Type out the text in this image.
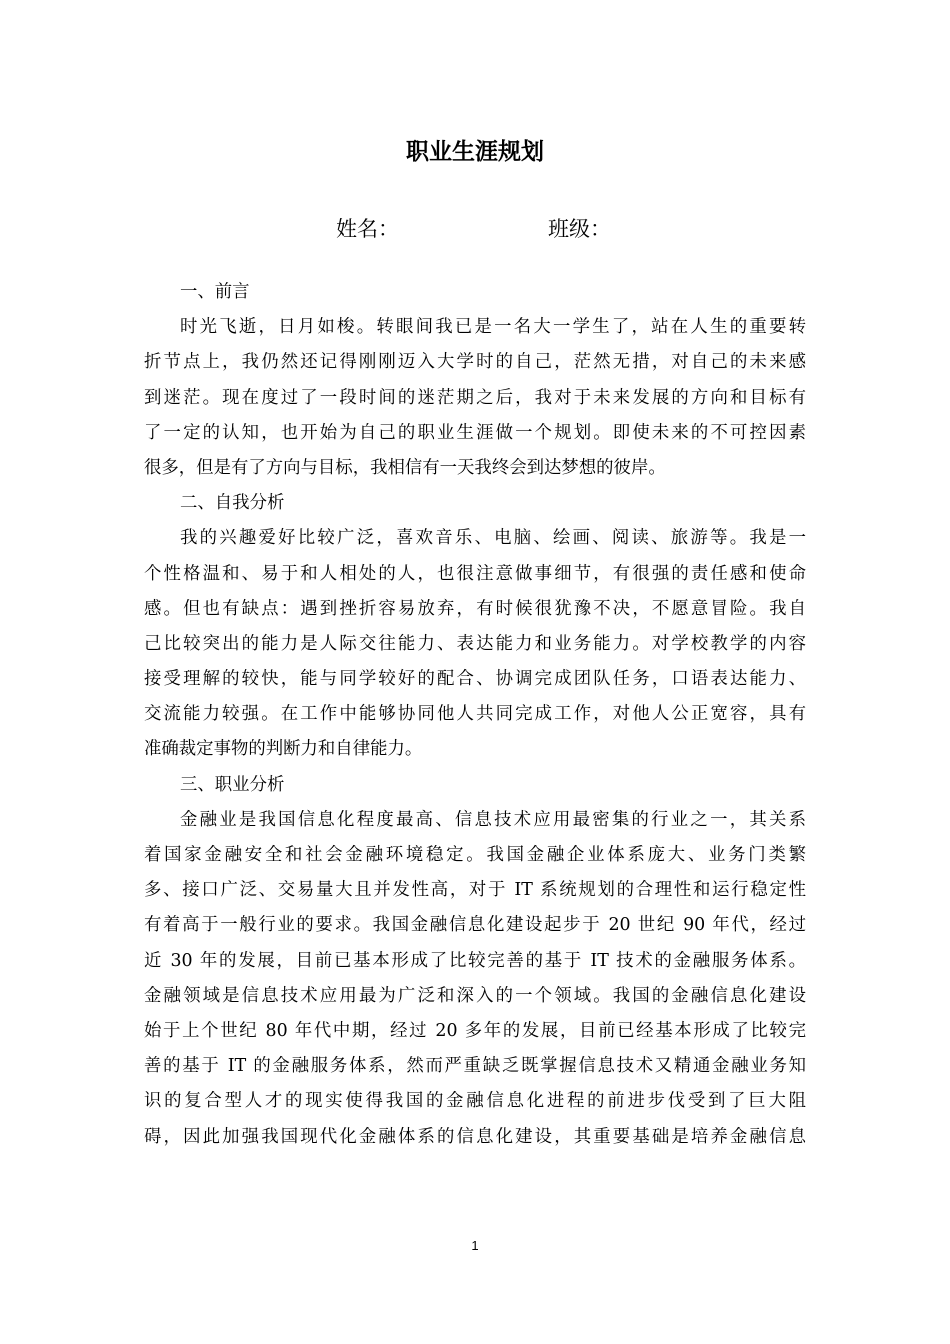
职业生涯规划
姓名：	班级：
一、前言
时光飞逝，日月如梭。转眼间我已是一名大一学生了，站在人生的重要转
折节点上，我仍然还记得刚刚迈入大学时的自己，茫然无措，对自己的未来感
到迷茫。现在度过了一段时间的迷茫期之后，我对于未来发展的方向和目标有
了一定的认知，也开始为自己的职业生涯做一个规划。即使未来的不可控因素
很多，但是有了方向与目标，我相信有一天我终会到达梦想的彼岸。
二、自我分析
我的兴趣爱好比较广泛，喜欢音乐、电脑、绘画、阅读、旅游等。我是一
个性格温和、易于和人相处的人，也很注意做事细节，有很强的责任感和使命
感。但也有缺点：遇到挫折容易放弃，有时候很犹豫不决，不愿意冒险。我自
己比较突出的能力是人际交往能力、表达能力和业务能力。对学校教学的内容
接受理解的较快，能与同学较好的配合、协调完成团队任务，口语表达能力、
交流能力较强。在工作中能够协同他人共同完成工作，对他人公正宽容，具有
准确裁定事物的判断力和自律能力。
三、职业分析
金融业是我国信息化程度最高、信息技术应用最密集的行业之一，其关系
着国家金融安全和社会金融环境稳定。我国金融企业体系庞大、业务门类繁
多、接口广泛、交易量大且并发性高，对于 IT 系统规划的合理性和运行稳定性
有着高于一般行业的要求。我国金融信息化建设起步于 20 世纪 90 年代，经过
近 30 年的发展，目前已基本形成了比较完善的基于 IT 技术的金融服务体系。
金融领域是信息技术应用最为广泛和深入的一个领域。我国的金融信息化建设
始于上个世纪 80 年代中期，经过 20 多年的发展，目前已经基本形成了比较完
善的基于 IT 的金融服务体系，然而严重缺乏既掌握信息技术又精通金融业务知
识的复合型人才的现实使得我国的金融信息化进程的前进步伐受到了巨大阻
碍，因此加强我国现代化金融体系的信息化建设，其重要基础是培养金融信息
1
